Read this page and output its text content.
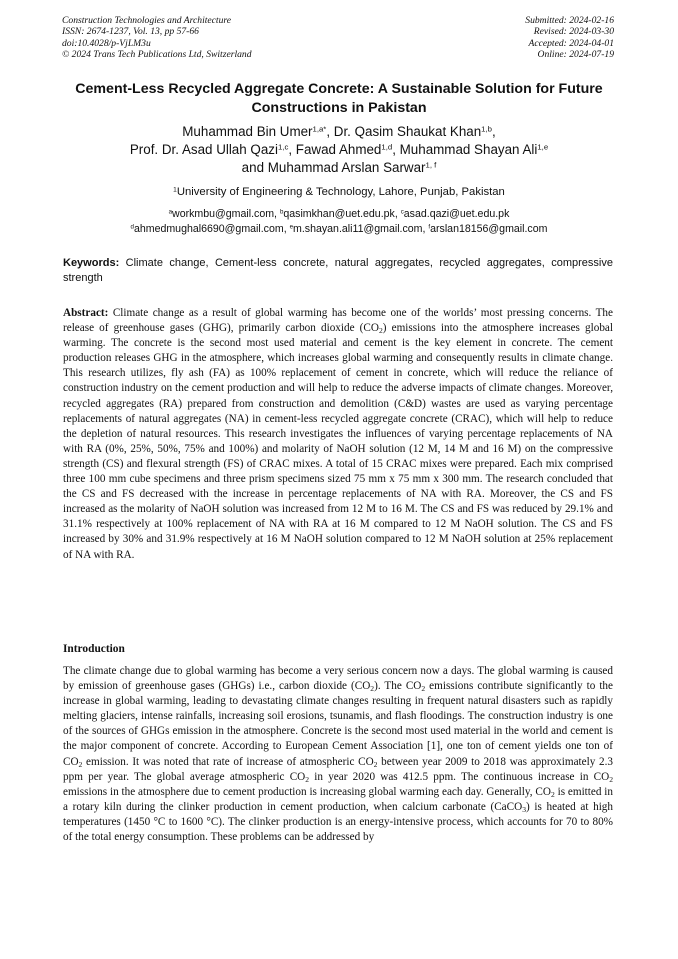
Construction Technologies and Architecture
ISSN: 2674-1237, Vol. 13, pp 57-66
doi:10.4028/p-VjLM3u
© 2024 Trans Tech Publications Ltd, Switzerland
Submitted: 2024-02-16
Revised: 2024-03-30
Accepted: 2024-04-01
Online: 2024-07-19
Cement-Less Recycled Aggregate Concrete: A Sustainable Solution for Future Constructions in Pakistan
Muhammad Bin Umer$^{1,a*}$, Dr. Qasim Shaukat Khan$^{1,b}$,
Prof. Dr. Asad Ullah Qazi$^{1,c}$, Fawad Ahmed$^{1,d}$, Muhammad Shayan Ali$^{1,e}$
and Muhammad Arslan Sarwar$^{1, f}$
$^1$University of Engineering & Technology, Lahore, Punjab, Pakistan
$^a$workmbu@gmail.com, $^b$qasimkhan@uet.edu.pk, $^c$asad.qazi@uet.edu.pk
$^d$ahmedmughal6690@gmail.com, $^e$m.shayan.ali11@gmail.com, $^f$arslan18156@gmail.com
Keywords: Climate change, Cement-less concrete, natural aggregates, recycled aggregates, compressive strength
Abstract: Climate change as a result of global warming has become one of the worlds’ most pressing concerns. The release of greenhouse gases (GHG), primarily carbon dioxide $(CO_2)$ emissions into the atmosphere increases global warming. The concrete is the second most used material and cement is the key element in concrete. The cement production releases GHG in the atmosphere, which increases global warming and consequently results in climate change. This research utilizes, fly ash (FA) as 100% replacement of cement in concrete, which will reduce the reliance of construction industry on the cement production and will help to reduce the adverse impacts of climate changes. Moreover, recycled aggregates (RA) prepared from construction and demolition (C&D) wastes are used as varying percentage replacements of natural aggregates (NA) in cement-less recycled aggregate concrete (CRAC), which will help to reduce the depletion of natural resources. This research investigates the influences of varying percentage replacements of NA with RA (0%, 25%, 50%, 75% and 100%) and molarity of NaOH solution (12 M, 14 M and 16 M) on the compressive strength (CS) and flexural strength (FS) of CRAC mixes. A total of 15 CRAC mixes were prepared. Each mix comprised three 100 mm cube specimens and three prism specimens sized 75 mm x 75 mm x 300 mm. The research concluded that the CS and FS decreased with the increase in percentage replacements of NA with RA. Moreover, the CS and FS increased as the molarity of NaOH solution was increased from 12 M to 16 M. The CS and FS was reduced by 29.1% and 31.1% respectively at 100% replacement of NA with RA at 16 M compared to 12 M NaOH solution. The CS and FS increased by 30% and 31.9% respectively at 16 M NaOH solution compared to 12 M NaOH solution at 25% replacement of NA with RA.
Introduction
The climate change due to global warming has become a very serious concern now a days. The global warming is caused by emission of greenhouse gases (GHGs) i.e., carbon dioxide $(CO_2)$. The $CO_2$ emissions contribute significantly to the increase in global warming, leading to devastating climate changes resulting in frequent natural disasters such as rapidly melting glaciers, intense rainfalls, increasing soil erosions, tsunamis, and flash floodings. The construction industry is one of the sources of GHGs emission in the atmosphere. Concrete is the second most used material in the world and cement is the major component of concrete. According to European Cement Association [1], one ton of cement yields one ton of $CO_2$ emission. It was noted that rate of increase of atmospheric $CO_2$ between year 2009 to 2018 was approximately 2.3 ppm per year. The global average atmospheric $CO_2$ in year 2020 was 412.5 ppm. The continuous increase in $CO_2$ emissions in the atmosphere due to cement production is increasing global warming each day. Generally, $CO_2$ is emitted in a rotary kiln during the clinker production in cement production, when calcium carbonate (CaCO$_3$) is heated at high temperatures (1450 °C to 1600 °C). The clinker production is an energy-intensive process, which accounts for 70 to 80% of the total energy consumption. These problems can be addressed by
